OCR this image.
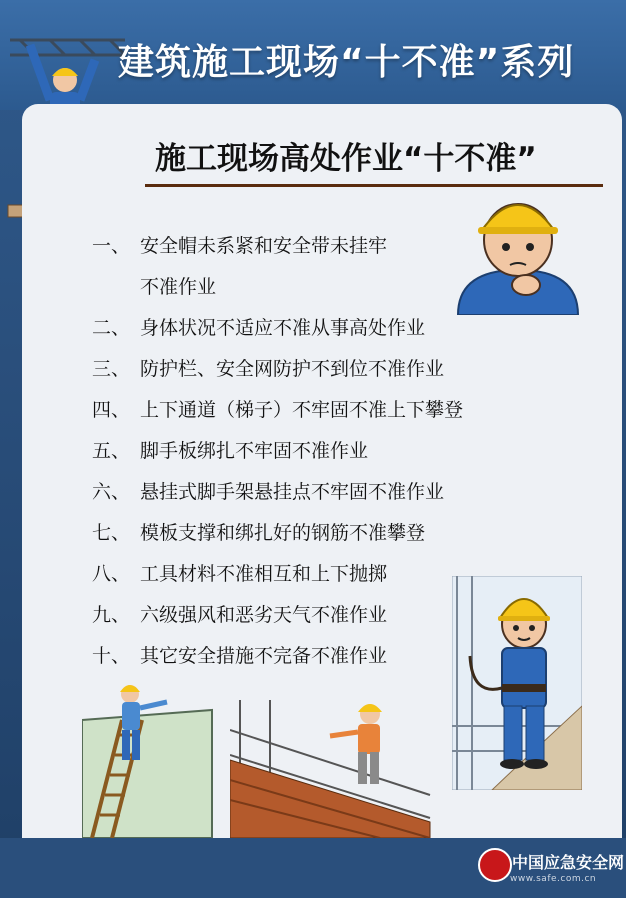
建筑施工现场“十不准”系列
施工现场高处作业“十不准”
一、 安全帽未系紧和安全带未挂牢
不准作业
二、 身体状况不适应不准从事高处作业
三、 防护栏、安全网防护不到位不准作业
四、 上下通道（梯子）不牢固不准上下攀登
五、 脚手板绑扎不牢固不准作业
六、 悬挂式脚手架悬挂点不牢固不准作业
七、 模板支撑和绑扎好的钢筋不准攀登
八、 工具材料不准相互和上下抛掷
九、 六级强风和恶劣天气不准作业
十、 其它安全措施不完备不准作业
中国应急安全网
www.safe.com.cn
